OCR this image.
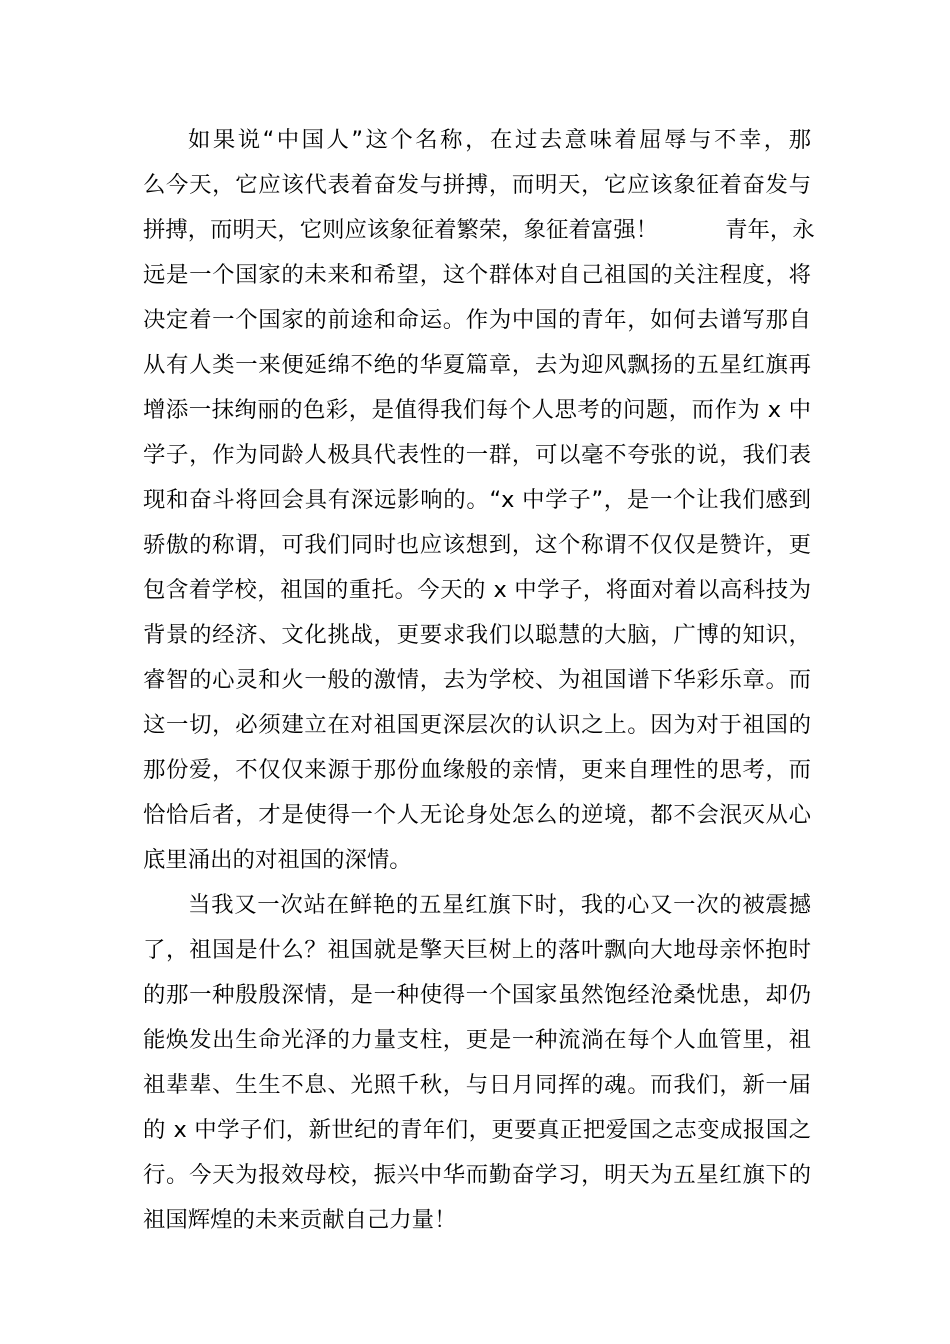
如果说“中国人”这个名称，在过去意味着屈辱与不幸，那
么今天，它应该代表着奋发与拼搏，而明天，它应该象征着奋发与
拼搏，而明天，它则应该象征着繁荣，象征着富强！　　　青年，永
远是一个国家的未来和希望，这个群体对自己祖国的关注程度，将
决定着一个国家的前途和命运。作为中国的青年，如何去谱写那自
从有人类一来便延绵不绝的华夏篇章，去为迎风飘扬的五星红旗再
增添一抹绚丽的色彩，是值得我们每个人思考的问题，而作为 x 中
学子，作为同龄人极具代表性的一群，可以毫不夸张的说，我们表
现和奋斗将回会具有深远影响的。“x 中学子”，是一个让我们感到
骄傲的称谓，可我们同时也应该想到，这个称谓不仅仅是赞许，更
包含着学校，祖国的重托。今天的 x 中学子，将面对着以高科技为
背景的经济、文化挑战，更要求我们以聪慧的大脑，广博的知识，
睿智的心灵和火一般的激情，去为学校、为祖国谱下华彩乐章。而
这一切，必须建立在对祖国更深层次的认识之上。因为对于祖国的
那份爱，不仅仅来源于那份血缘般的亲情，更来自理性的思考，而
恰恰后者，才是使得一个人无论身处怎么的逆境，都不会泯灭从心
底里涌出的对祖国的深情。
当我又一次站在鲜艳的五星红旗下时，我的心又一次的被震撼
了，祖国是什么？祖国就是擎天巨树上的落叶飘向大地母亲怀抱时
的那一种殷殷深情，是一种使得一个国家虽然饱经沧桑忧患，却仍
能焕发出生命光泽的力量支柱，更是一种流淌在每个人血管里，祖
祖辈辈、生生不息、光照千秋，与日月同挥的魂。而我们，新一届
的 x 中学子们，新世纪的青年们，更要真正把爱国之志变成报国之
行。今天为报效母校，振兴中华而勤奋学习，明天为五星红旗下的
祖国辉煌的未来贡献自己力量！
